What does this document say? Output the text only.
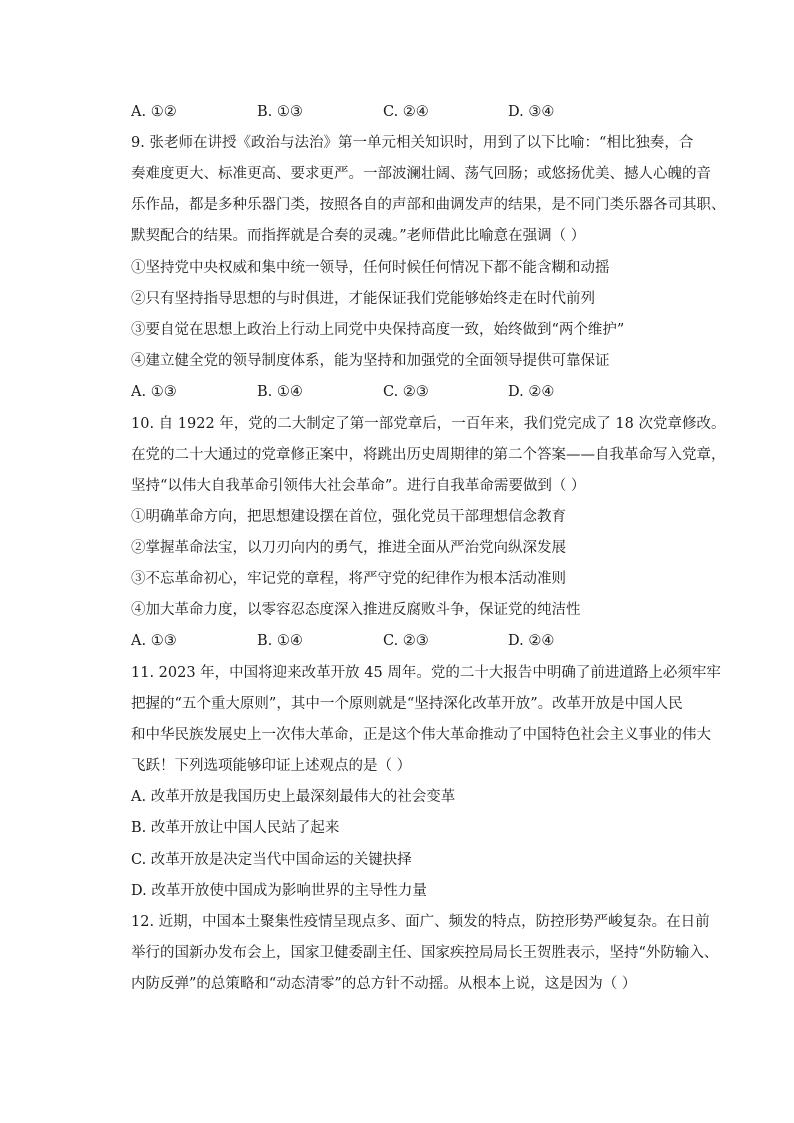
A. ①②	B. ①③	C. ②④	D. ③④
9. 张老师在讲授《政治与法治》第一单元相关知识时，用到了以下比喻：“相比独奏，合
奏难度更大、标准更高、要求更严。一部波澜壮阔、荡气回肠；或悠扬优美、撼人心魄的音
乐作品，都是多种乐器门类，按照各自的声部和曲调发声的结果，是不同门类乐器各司其职、
默契配合的结果。而指挥就是合奏的灵魂。”老师借此比喻意在强调（ ）
①坚持党中央权威和集中统一领导，任何时候任何情况下都不能含糊和动摇
②只有坚持指导思想的与时俱进，才能保证我们党能够始终走在时代前列
③要自觉在思想上政治上行动上同党中央保持高度一致，始终做到“两个维护”
④建立健全党的领导制度体系，能为坚持和加强党的全面领导提供可靠保证
A. ①③	B. ①④	C. ②③	D. ②④
10. 自 1922 年，党的二大制定了第一部党章后，一百年来，我们党完成了 18 次党章修改。
在党的二十大通过的党章修正案中，将跳出历史周期律的第二个答案——自我革命写入党章，
坚持“以伟大自我革命引领伟大社会革命”。进行自我革命需要做到（ ）
①明确革命方向，把思想建设摆在首位，强化党员干部理想信念教育
②掌握革命法宝，以刀刃向内的勇气，推进全面从严治党向纵深发展
③不忘革命初心，牢记党的章程，将严守党的纪律作为根本活动准则
④加大革命力度，以零容忍态度深入推进反腐败斗争，保证党的纯洁性
A. ①③	B. ①④	C. ②③	D. ②④
11. 2023 年，中国将迎来改革开放 45 周年。党的二十大报告中明确了前进道路上必须牢牢
把握的“五个重大原则”，其中一个原则就是“坚持深化改革开放”。改革开放是中国人民
和中华民族发展史上一次伟大革命，正是这个伟大革命推动了中国特色社会主义事业的伟大
飞跃！下列选项能够印证上述观点的是（ ）
A. 改革开放是我国历史上最深刻最伟大的社会变革
B. 改革开放让中国人民站了起来
C. 改革开放是决定当代中国命运的关键抉择
D. 改革开放使中国成为影响世界的主导性力量
12. 近期，中国本土聚集性疫情呈现点多、面广、频发的特点，防控形势严峻复杂。在日前
举行的国新办发布会上，国家卫健委副主任、国家疾控局局长王贺胜表示，坚持“外防输入、
内防反弹”的总策略和“动态清零”的总方针不动摇。从根本上说，这是因为（ ）
